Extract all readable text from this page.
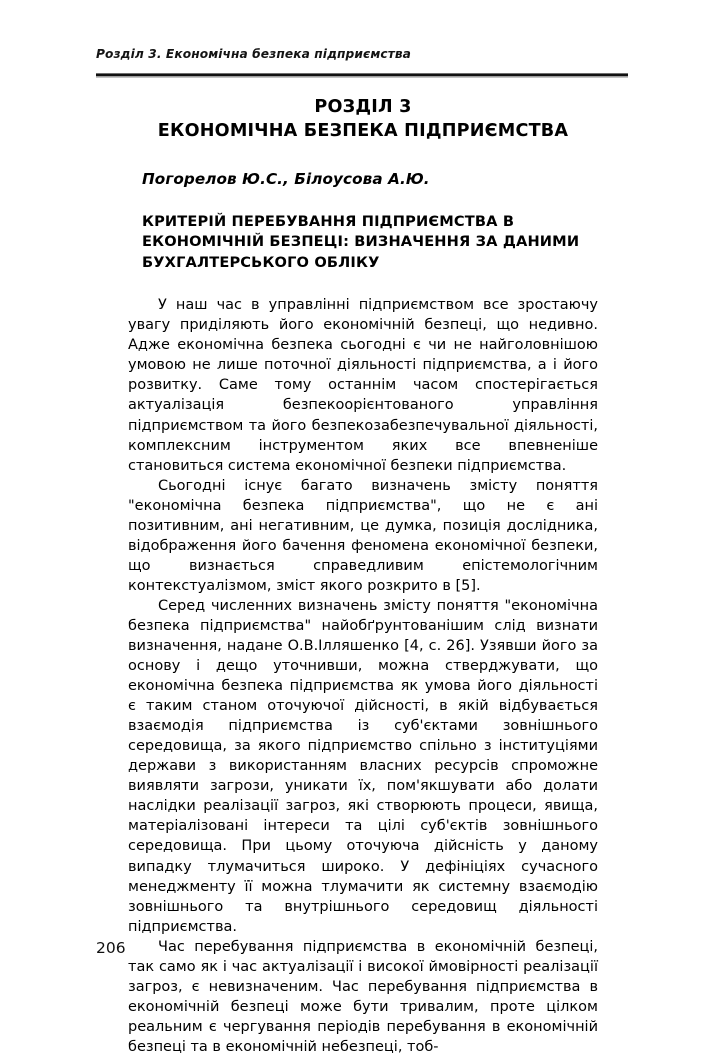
Розділ 3. Економічна безпека підприємства
РОЗДІЛ 3
ЕКОНОМІЧНА БЕЗПЕКА ПІДПРИЄМСТВА
Погорелов Ю.С., Білоусова А.Ю.
КРИТЕРІЙ ПЕРЕБУВАННЯ ПІДПРИЄМСТВА В
ЕКОНОМІЧНІЙ БЕЗПЕЦІ: ВИЗНАЧЕННЯ ЗА ДАНИМИ
БУХГАЛТЕРСЬКОГО ОБЛІКУ

У наш час в управлінні підприємством все зростаючу увагу приділяють його економічній безпеці, що недивно. Адже економічна безпека сьогодні є чи не найголовнішою умовою не лише поточної діяльності підприємства, а і його розвитку. Саме тому останнім часом спостерігається актуалізація безпекоорієнтованого управління підприємством та його безпекозабезпечувальної діяльності, комплексним інструментом яких все впевненіше становиться система економічної безпеки підприємства.

Сьогодні існує багато визначень змісту поняття "економічна безпека підприємства", що не є ані позитивним, ані негативним, це думка, позиція дослідника, відображення його бачення феномена економічної безпеки, що визнається справедливим епістемологічним контекстуалізмом, зміст якого розкрито в [5].

Серед численних визначень змісту поняття "економічна безпека підприємства" найобґрунтованішим слід визнати визначення, надане О.В.Ілляшенко [4, с. 26]. Узявши його за основу і дещо уточнивши, можна стверджувати, що економічна безпека підприємства як умова його діяльності є таким станом оточуючої дійсності, в якій відбувається взаємодія підприємства із суб'єктами зовнішнього середовища, за якого підприємство спільно з інституціями держави з використанням власних ресурсів спроможне виявляти загрози, уникати їх, пом'якшувати або долати наслідки реалізації загроз, які створюють процеси, явища, матеріалізовані інтереси та цілі суб'єктів зовнішнього середовища. При цьому оточуюча дійсність у даному випадку тлумачиться широко. У дефініціях сучасного менеджменту її можна тлумачити як системну взаємодію зовнішнього та внутрішнього середовищ діяльності підприємства.

Час перебування підприємства в економічній безпеці, так само як і час актуалізації і високої ймовірності реалізації загроз, є невизначеним. Час перебування підприємства в економічній безпеці може бути тривалим, проте цілком реальним є чергування періодів перебування в економічній безпеці та в економічній небезпеці, тоб-

206
